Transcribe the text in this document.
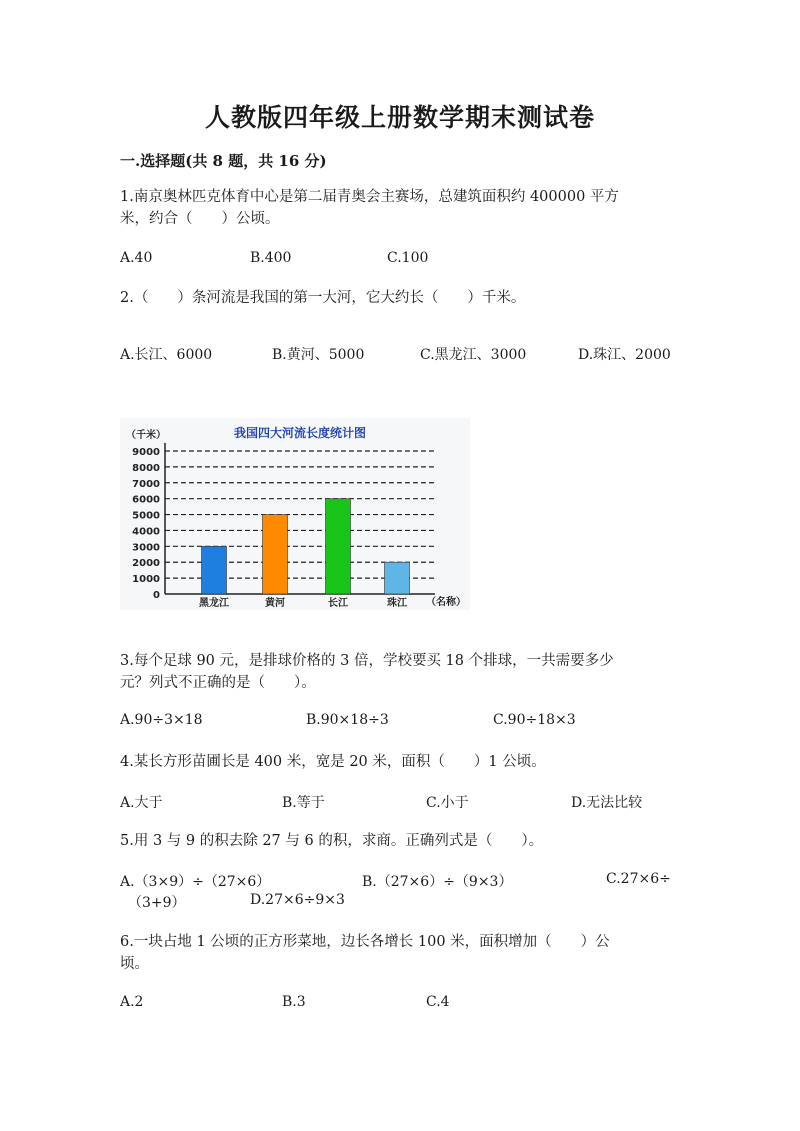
人教版四年级上册数学期末测试卷
一.选择题(共 8 题，共 16 分)
1.南京奥林匹克体育中心是第二届青奥会主赛场，总建筑面积约 400000 平方
米，约合（　　）公顷。
A.40	B.400	C.100
2.（　　）条河流是我国的第一大河，它大约长（　　）千米。
A.长江、6000	B.黄河、5000	C.黑龙江、3000	D.珠江、2000
我国四大河流长度统计图
（千米）
（名称）
0
1000
2000
3000
4000
5000
6000
7000
8000
9000
黑龙江	黄河	长江	珠江
3.每个足球 90 元，是排球价格的 3 倍，学校要买 18 个排球，一共需要多少
元？列式不正确的是（　　）。
A.90÷3×18	B.90×18÷3	C.90÷18×3
4.某长方形苗圃长是 400 米，宽是 20 米，面积（　　）1 公顷。
A.大于	B.等于	C.小于	D.无法比较
5.用 3 与 9 的积去除 27 与 6 的积，求商。正确列式是（　　）。
A.（3×9）÷（27×6）	B.（27×6）÷（9×3）	C.27×6÷
（3+9）	D.27×6÷9×3
6.一块占地 1 公顷的正方形菜地，边长各增长 100 米，面积增加（　　）公
顷。
A.2	B.3	C.4
